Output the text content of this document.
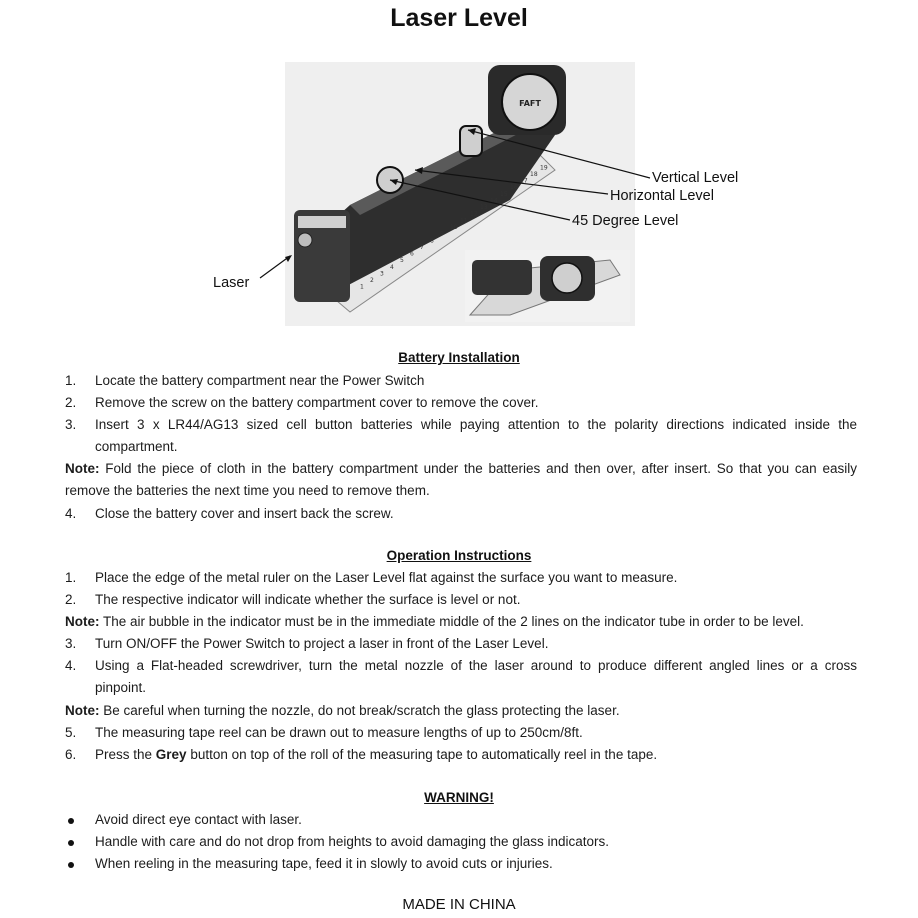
Laser Level
FAFT
1
2
3
4
5
6
7
8
9
10
11
12
13
14
15
16
17
18
19
Vertical Level
Horizontal Level
45 Degree Level
Laser
Battery Installation
1.	Locate the battery compartment near the Power Switch
2.	Remove the screw on the battery compartment cover to remove the cover.
3.	Insert 3 x LR44/AG13 sized cell button batteries while paying attention to the polarity directions indicated inside the
compartment.
Note: Fold the piece of cloth in the battery compartment under the batteries and then over, after insert. So that you can easily
remove the batteries the next time you need to remove them.
4.	Close the battery cover and insert back the screw.
Operation Instructions
1.	Place the edge of the metal ruler on the Laser Level flat against the surface you want to measure.
2.	The respective indicator will indicate whether the surface is level or not.
Note: The air bubble in the indicator must be in the immediate middle of the 2 lines on the indicator tube in order to be level.
3.	Turn ON/OFF the Power Switch to project a laser in front of the Laser Level.
4.	Using a Flat-headed screwdriver, turn the metal nozzle of the laser around to produce different angled lines or a cross
pinpoint.
Note: Be careful when turning the nozzle, do not break/scratch the glass protecting the laser.
5.	The measuring tape reel can be drawn out to measure lengths of up to 250cm/8ft.
6.	Press the Grey button on top of the roll of the measuring tape to automatically reel in the tape.
WARNING!
Avoid direct eye contact with laser.
Handle with care and do not drop from heights to avoid damaging the glass indicators.
When reeling in the measuring tape, feed it in slowly to avoid cuts or injuries.
MADE IN CHINA
